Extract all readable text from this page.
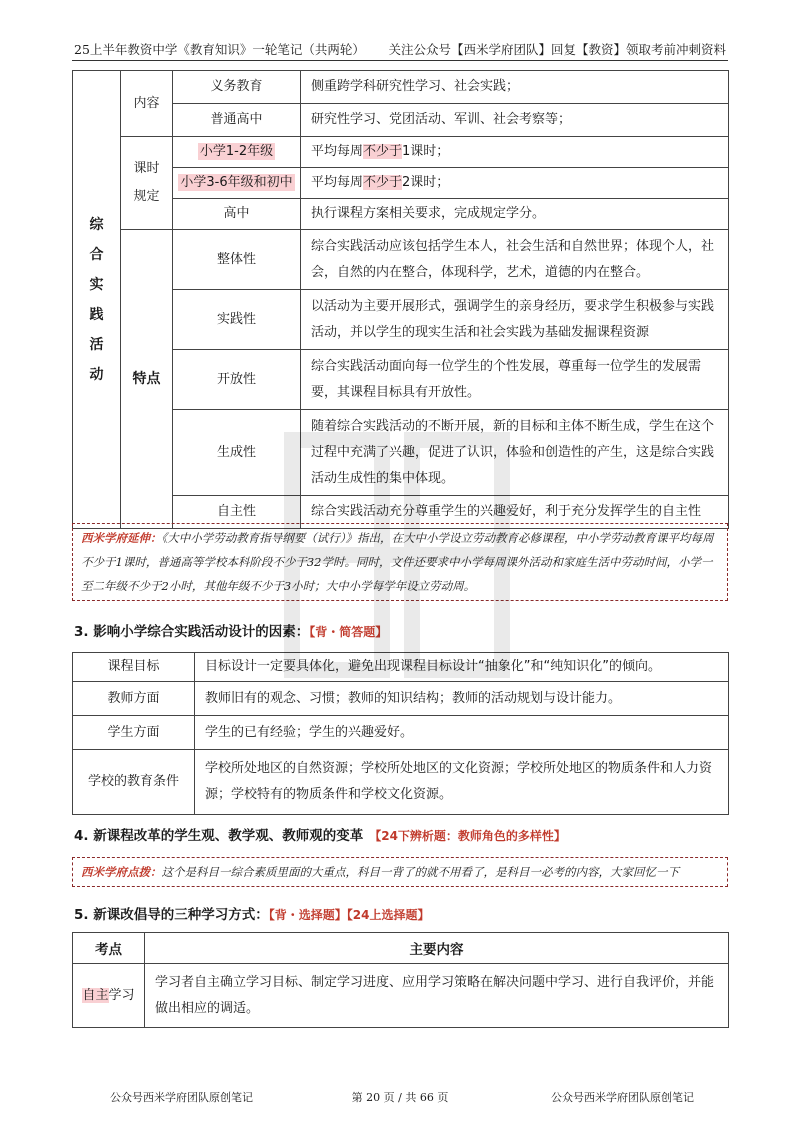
25上半年教资中学《教育知识》一轮笔记（共两轮） 关注公众号【西米学府团队】回复【教资】领取考前冲刺资料
综合实践活动	内容	义务教育	侧重跨学科研究性学习、社会实践；
		普通高中	研究性学习、党团活动、军训、社会考察等；

	课时规定	小学1-2年级	平均每周不少于1课时；
		小学3-6年级和初中	平均每周不少于2课时；
		高中	执行课程方案相关要求，完成规定学分。
	特点	整体性	综合实践活动应该包括学生本人，社会生活和自然世界；体现个人，社会，自然的内在整合，体现科学，艺术，道德的内在整合。
		实践性	以活动为主要开展形式，强调学生的亲身经历，要求学生积极参与实践活动，并以学生的现实生活和社会实践为基础发掘课程资源
		开放性	综合实践活动面向每一位学生的个性发展，尊重每一位学生的发展需要，其课程目标具有开放性。
		生成性	随着综合实践活动的不断开展，新的目标和主体不断生成，学生在这个过程中充满了兴趣，促进了认识，体验和创造性的产生，这是综合实践活动生成性的集中体现。
		自主性	综合实践活动充分尊重学生的兴趣爱好，利于充分发挥学生的自主性
西米学府延伸：《大中小学劳动教育指导纲要（试行）》指出，在大中小学设立劳动教育必修课程，中小学劳动教育课平均每周不少于1课时，普通高等学校本科阶段不少于32学时。同时，文件还要求中小学每周课外活动和家庭生活中劳动时间，小学一至二年级不少于2小时，其他年级不少于3小时；大中小学每学年设立劳动周。
3. 影响小学综合实践活动设计的因素：【背・简答题】
课程目标	目标设计一定要具体化，避免出现课程目标设计“抽象化”和“纯知识化”的倾向。
教师方面	教师旧有的观念、习惯；教师的知识结构；教师的活动规划与设计能力。
学生方面	学生的已有经验；学生的兴趣爱好。
学校的教育条件	学校所处地区的自然资源；学校所处地区的文化资源；学校所处地区的物质条件和人力资源；学校特有的物质条件和学校文化资源。
4. 新课程改革的学生观、教学观、教师观的变革 【24下辨析题：教师角色的多样性】
西米学府点拨：这个是科目一综合素质里面的大重点，科目一背了的就不用看了，是科目一必考的内容，大家回忆一下
5. 新课改倡导的三种学习方式：【背・选择题】【24上选择题】
考点	主要内容
自主学习	学习者自主确立学习目标、制定学习进度、应用学习策略在解决问题中学习、进行自我评价，并能做出相应的调适。
公众号西米学府团队原创笔记	第 20 页 / 共 66 页	公众号西米学府团队原创笔记
